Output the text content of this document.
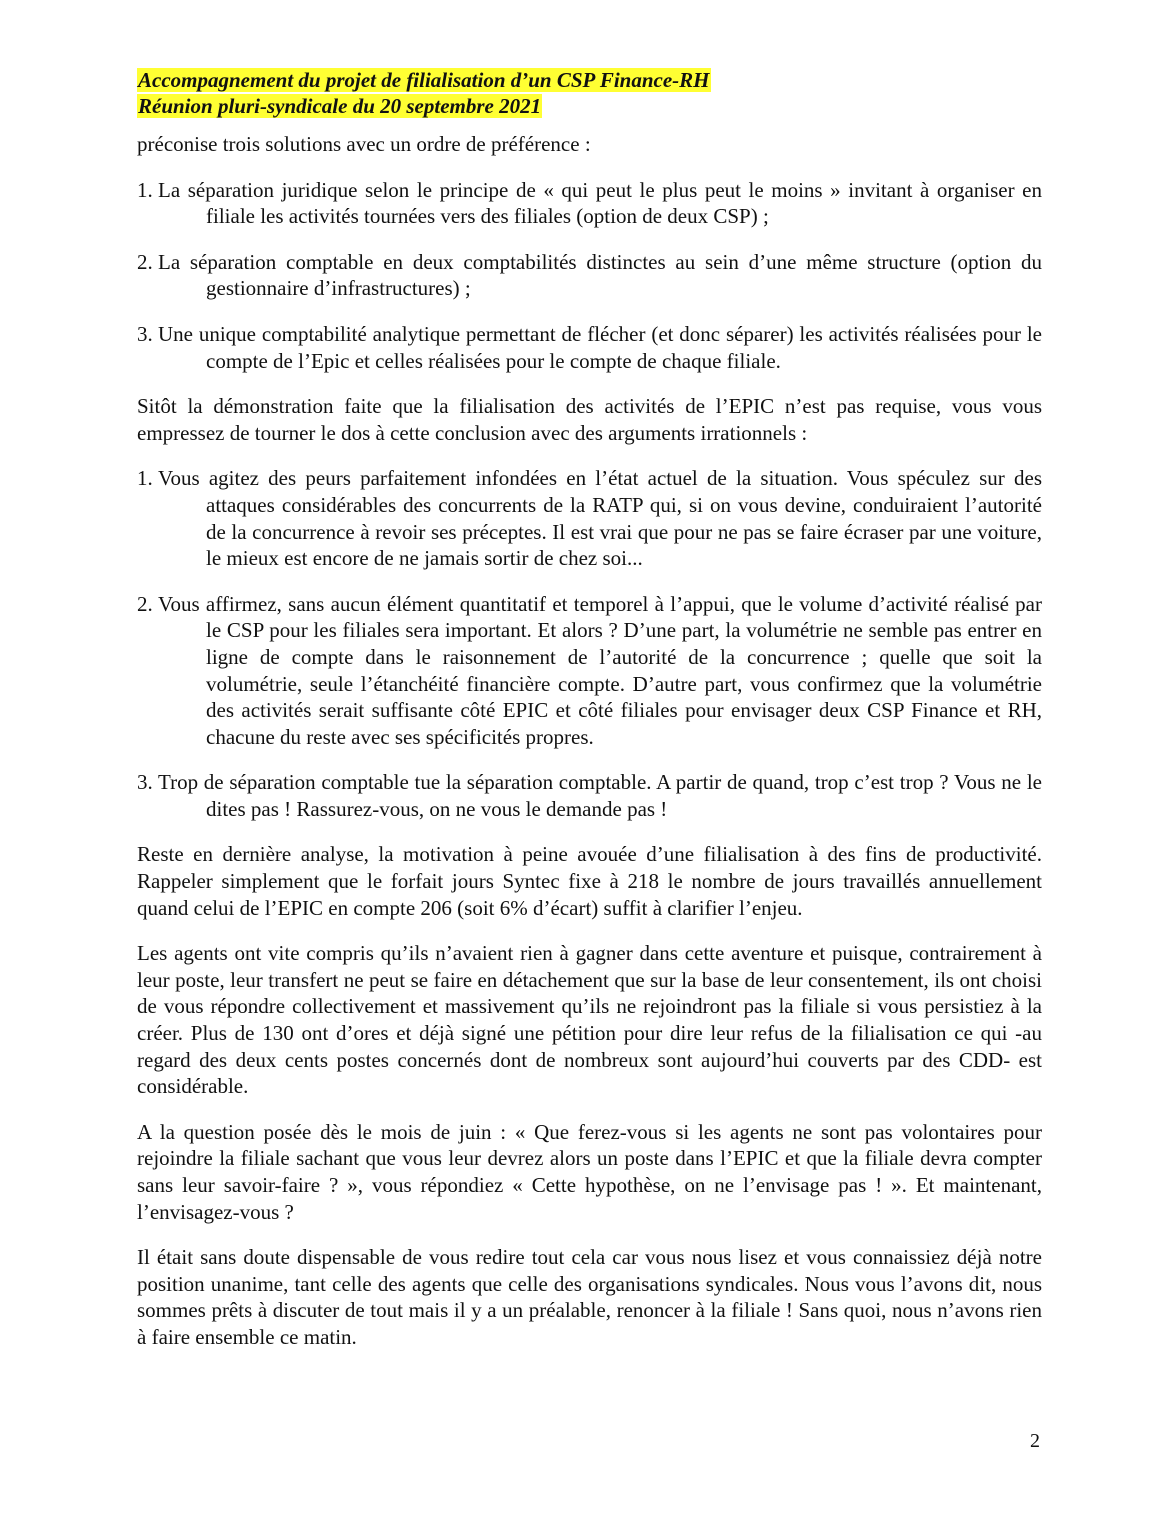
Accompagnement du projet de filialisation d’un CSP Finance-RH
Réunion pluri-syndicale du 20 septembre 2021

préconise trois solutions avec un ordre de préférence :

1. La séparation juridique selon le principe de « qui peut le plus peut le moins » invitant à organiser en filiale les activités tournées vers des filiales (option de deux CSP) ;
2. La séparation comptable en deux comptabilités distinctes au sein d’une même structure (option du gestionnaire d’infrastructures) ;
3. Une unique comptabilité analytique permettant de flécher (et donc séparer) les activités réalisées pour le compte de l’Epic et celles réalisées pour le compte de chaque filiale.

Sitôt la démonstration faite que la filialisation des activités de l’EPIC n’est pas requise, vous vous empressez de tourner le dos à cette conclusion avec des arguments irrationnels :

1. Vous agitez des peurs parfaitement infondées en l’état actuel de la situation. Vous spéculez sur des attaques considérables des concurrents de la RATP qui, si on vous devine, conduiraient l’autorité de la concurrence à revoir ses préceptes. Il est vrai que pour ne pas se faire écraser par une voiture, le mieux est encore de ne jamais sortir de chez soi...
2. Vous affirmez, sans aucun élément quantitatif et temporel à l’appui, que le volume d’activité réalisé par le CSP pour les filiales sera important. Et alors ? D’une part, la volumétrie ne semble pas entrer en ligne de compte dans le raisonnement de l’autorité de la concurrence ; quelle que soit la volumétrie, seule l’étanchéité financière compte. D’autre part, vous confirmez que la volumétrie des activités serait suffisante côté EPIC et côté filiales pour envisager deux CSP Finance et RH, chacune du reste avec ses spécificités propres.
3. Trop de séparation comptable tue la séparation comptable. A partir de quand, trop c’est trop ? Vous ne le dites pas ! Rassurez-vous, on ne vous le demande pas !

Reste en dernière analyse, la motivation à peine avouée d’une filialisation à des fins de productivité. Rappeler simplement que le forfait jours Syntec fixe à 218 le nombre de jours travaillés annuellement quand celui de l’EPIC en compte 206 (soit 6% d’écart) suffit à clarifier l’enjeu.

Les agents ont vite compris qu’ils n’avaient rien à gagner dans cette aventure et puisque, contrairement à leur poste, leur transfert ne peut se faire en détachement que sur la base de leur consentement, ils ont choisi de vous répondre collectivement et massivement qu’ils ne rejoindront pas la filiale si vous persistiez à la créer. Plus de 130 ont d’ores et déjà signé une pétition pour dire leur refus de la filialisation ce qui -au regard des deux cents postes concernés dont de nombreux sont aujourd’hui couverts par des CDD- est considérable.

A la question posée dès le mois de juin : « Que ferez-vous si les agents ne sont pas volontaires pour rejoindre la filiale sachant que vous leur devrez alors un poste dans l’EPIC et que la filiale devra compter sans leur savoir-faire ? », vous répondiez « Cette hypothèse, on ne l’envisage pas ! ». Et maintenant, l’envisagez-vous ?

Il était sans doute dispensable de vous redire tout cela car vous nous lisez et vous connaissiez déjà notre position unanime, tant celle des agents que celle des organisations syndicales. Nous vous l’avons dit, nous sommes prêts à discuter de tout mais il y a un préalable, renoncer à la filiale ! Sans quoi, nous n’avons rien à faire ensemble ce matin.

2
